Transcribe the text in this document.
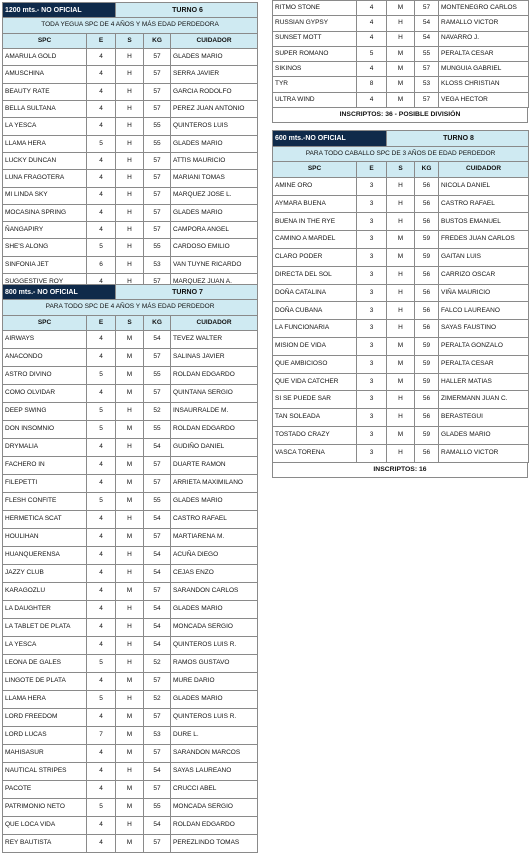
1200 mts.- NO OFICIAL		TURNO 6		
TODA YEGUA SPC DE 4 AÑOS Y MÁS EDAD PERDEDORA				
SPC	E	S	KG	CUIDADOR
AMARULA GOLD	4	H	57	GLADES MARIO
AMUSCHINA	4	H	57	SERRA JAVIER
BEAUTY RATE	4	H	57	GARCIA RODOLFO
BELLA SULTANA	4	H	57	PEREZ JUAN ANTONIO
LA YESCA	4	H	55	QUINTEROS LUIS
LLAMA HERA	5	H	55	GLADES MARIO
LUCKY DUNCAN	4	H	57	ATTIS MAURICIO
LUNA FRAGOTERA	4	H	57	MARIANI TOMAS
MI LINDA SKY	4	H	57	MARQUEZ JOSE L.
MOCASINA SPRING	4	H	57	GLADES MARIO
ÑANGAPIRY	4	H	57	CAMPORA ANGEL
SHE'S ALONG	5	H	55	CARDOSO EMILIO
SINFONIA JET	6	H	53	VAN TUYNE RICARDO
SUGGESTIVE ROY	4	H	57	MARQUEZ JUAN A.
800 mts.- NO OFICIAL		TURNO 7		
PARA TODO SPC DE 4 AÑOS Y MÁS EDAD PERDEDOR				
SPC	E	S	KG	CUIDADOR
AIRWAYS	4	M	54	TEVEZ WALTER
ANACONDO	4	M	57	SALINAS JAVIER
ASTRO DIVINO	5	M	55	ROLDAN EDGARDO
COMO OLVIDAR	4	M	57	QUINTANA SERGIO
DEEP SWING	5	H	52	INSAURRALDE M.
DON INSOMNIO	5	M	55	ROLDAN EDGARDO
DRYMALIA	4	H	54	GUDIÑO DANIEL
FACHERO IN	4	M	57	DUARTE RAMON
FILEPETTI	4	M	57	ARRIETA MAXIMILANO
FLESH CONFITE	5	M	55	GLADES MARIO
HERMETICA SCAT	4	H	54	CASTRO RAFAEL
HOULIHAN	4	M	57	MARTIARENA M.
HUANQUERENSA	4	H	54	ACUÑA DIEGO
JAZZY CLUB	4	H	54	CEJAS ENZO
KARAGOZLU	4	M	57	SARANDON CARLOS
LA DAUGHTER	4	H	54	GLADES MARIO
LA TABLET DE PLATA	4	H	54	MONCADA SERGIO
LA YESCA	4	H	54	QUINTEROS LUIS R.
LEONA DE GALES	5	H	52	RAMOS GUSTAVO
LINGOTE DE PLATA	4	M	57	MURE DARIO
LLAMA HERA	5	H	52	GLADES MARIO
LORD FREEDOM	4	M	57	QUINTEROS LUIS R.
LORD LUCAS	7	M	53	DURE L.
MAHISASUR	4	M	57	SARANDON MARCOS
NAUTICAL STRIPES	4	H	54	SAYAS LAUREANO
PACOTE	4	M	57	CRUCCI ABEL
PATRIMONIO NETO	5	M	55	MONCADA SERGIO
QUE LOCA VIDA	4	H	54	ROLDAN EDGARDO
REY BAUTISTA	4	M	57	PEREZLINDO TOMAS
RITMO STONE	4	M	57	MONTENEGRO CARLOS
RUSSIAN GYPSY	4	H	54	RAMALLO VICTOR
SUNSET MOTT	4	H	54	NAVARRO J.
SUPER ROMANO	5	M	55	PERALTA CESAR
SIKINOS	4	M	57	MUNGUIA GABRIEL
TYR	8	M	53	KLOSS CHRISTIAN
ULTRA WIND	4	M	57	VEGA HECTOR
INSCRIPTOS: 36 - POSIBLE DIVISIÓN
600 mts.-NO OFICIAL		TURNO 8		
PARA TODO CABALLO SPC DE 3 AÑOS DE EDAD PERDEDOR				
SPC	E	S	KG	CUIDADOR
AMINE ORO	3	H	56	NICOLA DANIEL
AYMARA BUENA	3	H	56	CASTRO RAFAEL
BUENA IN THE RYE	3	H	56	BUSTOS EMANUEL
CAMINO A MARDEL	3	M	59	FREDES JUAN CARLOS
CLARO PODER	3	M	59	GAITAN LUIS
DIRECTA DEL SOL	3	H	56	CARRIZO OSCAR
DOÑA CATALINA	3	H	56	VIÑA MAURICIO
DOÑA CUBANA	3	H	56	FALCO LAUREANO
LA FUNCIONARIA	3	H	56	SAYAS FAUSTINO
MISION DE VIDA	3	M	59	PERALTA GONZALO
QUE AMBICIOSO	3	M	59	PERALTA CESAR
QUE VIDA CATCHER	3	M	59	HALLER MATIAS
SI SE PUEDE SAR	3	H	56	ZIMERMANN JUAN C.
TAN SOLEADA	3	H	56	BERASTEGUI
TOSTADO CRAZY	3	M	59	GLADES MARIO
VASCA TORENA	3	H	56	RAMALLO VICTOR
INSCRIPTOS: 16
